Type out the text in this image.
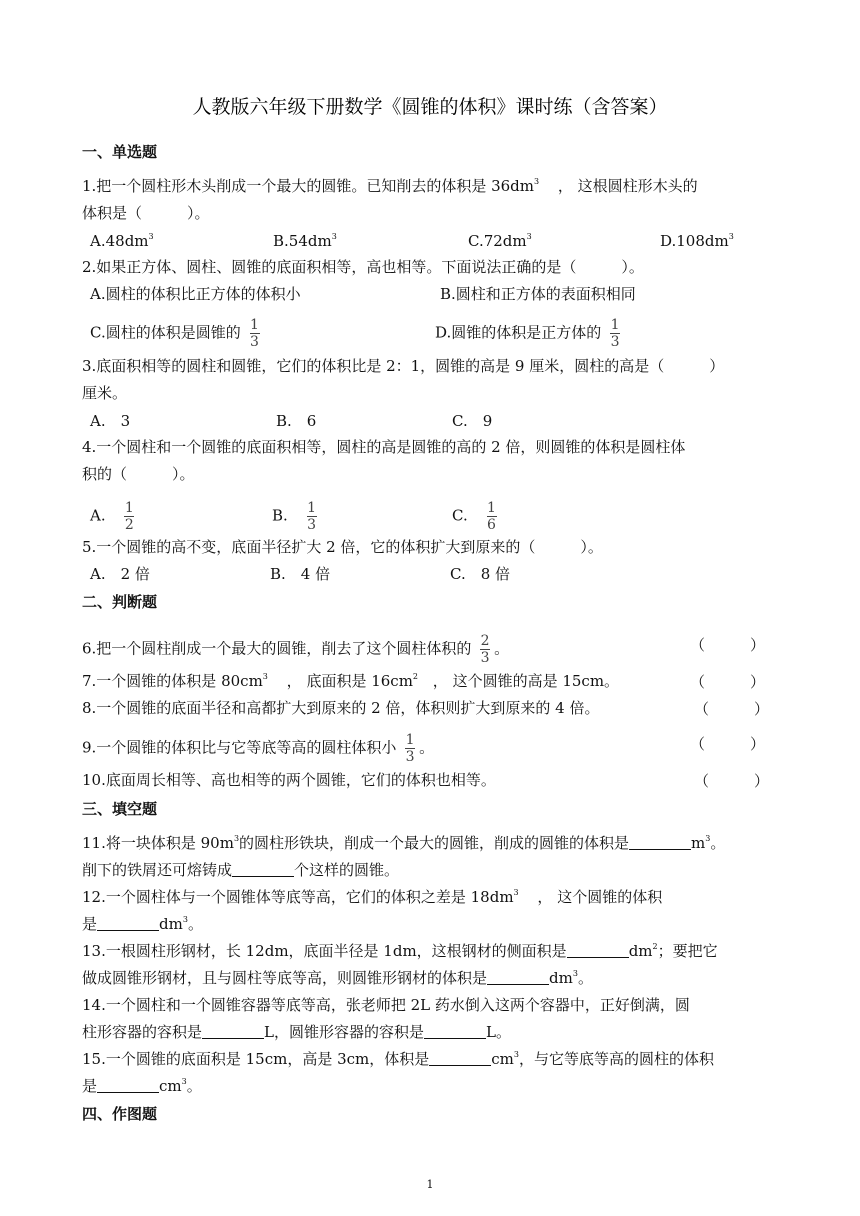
人教版六年级下册数学《圆锥的体积》课时练（含答案）
一、单选题
1.把一个圆柱形木头削成一个最大的圆锥。已知削去的体积是 $36dm^3$ ， 这根圆柱形木头的
体积是（　　　）。
$A.48dm^3$	$B.54dm^3$	$C.72dm^3$	$D.108dm^3$
2.如果正方体、圆柱、圆锥的底面积相等，高也相等。下面说法正确的是（　　　）。
A.圆柱的体积比正方体的体积小	B.圆柱和正方体的表面积相同
C.圆柱的体积是圆锥的 $\frac{1}{3}$	D.圆锥的体积是正方体的 $\frac{1}{3}$
3.底面积相等的圆柱和圆锥，它们的体积比是 2：1，圆锥的高是 9 厘米，圆柱的高是（　　　）
厘米。
A.　3	B.　6	C.　9
4.一个圆柱和一个圆锥的底面积相等，圆柱的高是圆锥的高的 2 倍，则圆锥的体积是圆柱体
积的（　　　）。
A. $\frac{1}{2}$	B. $\frac{1}{3}$	C. $\frac{1}{6}$
5.一个圆锥的高不变，底面半径扩大 2 倍，它的体积扩大到原来的（　　　）。
A.　2 倍	B.　4 倍	C.　8 倍
二、判断题
6.把一个圆柱削成一个最大的圆锥，削去了这个圆柱体积的 $\frac{2}{3}$ 。	（　　　）
7.一个圆锥的体积是 $80cm^3$ ， 底面积是 $16cm^2$ ， 这个圆锥的高是 15cm。	（　　　）
8.一个圆锥的底面半径和高都扩大到原来的 2 倍，体积则扩大到原来的 4 倍。	（　　　）
9.一个圆锥的体积比与它等底等高的圆柱体积小 $\frac{1}{3}$ 。	（　　　）
10.底面周长相等、高也相等的两个圆锥，它们的体积也相等。	（　　　）
三、填空题
11.将一块体积是 $90m^3$的圆柱形铁块，削成一个最大的圆锥，削成的圆锥的体积是	$m^3$。
削下的铁屑还可熔铸成	个这样的圆锥。
12.一个圆柱体与一个圆锥体等底等高，它们的体积之差是 $18dm^3$ ， 这个圆锥的体积
是	$dm^3$。
13.一根圆柱形钢材，长 12dm，底面半径是 1dm，这根钢材的侧面积是	$dm^2$；要把它
做成圆锥形钢材，且与圆柱等底等高，则圆锥形钢材的体积是	$dm^3$。
14.一个圆柱和一个圆锥容器等底等高，张老师把 2L 药水倒入这两个容器中，正好倒满，圆
柱形容器的容积是	L，圆锥形容器的容积是	L。
15.一个圆锥的底面积是 15cm，高是 3cm，体积是	$cm^3$，与它等底等高的圆柱的体积
是	$cm^3$。
四、作图题
1
